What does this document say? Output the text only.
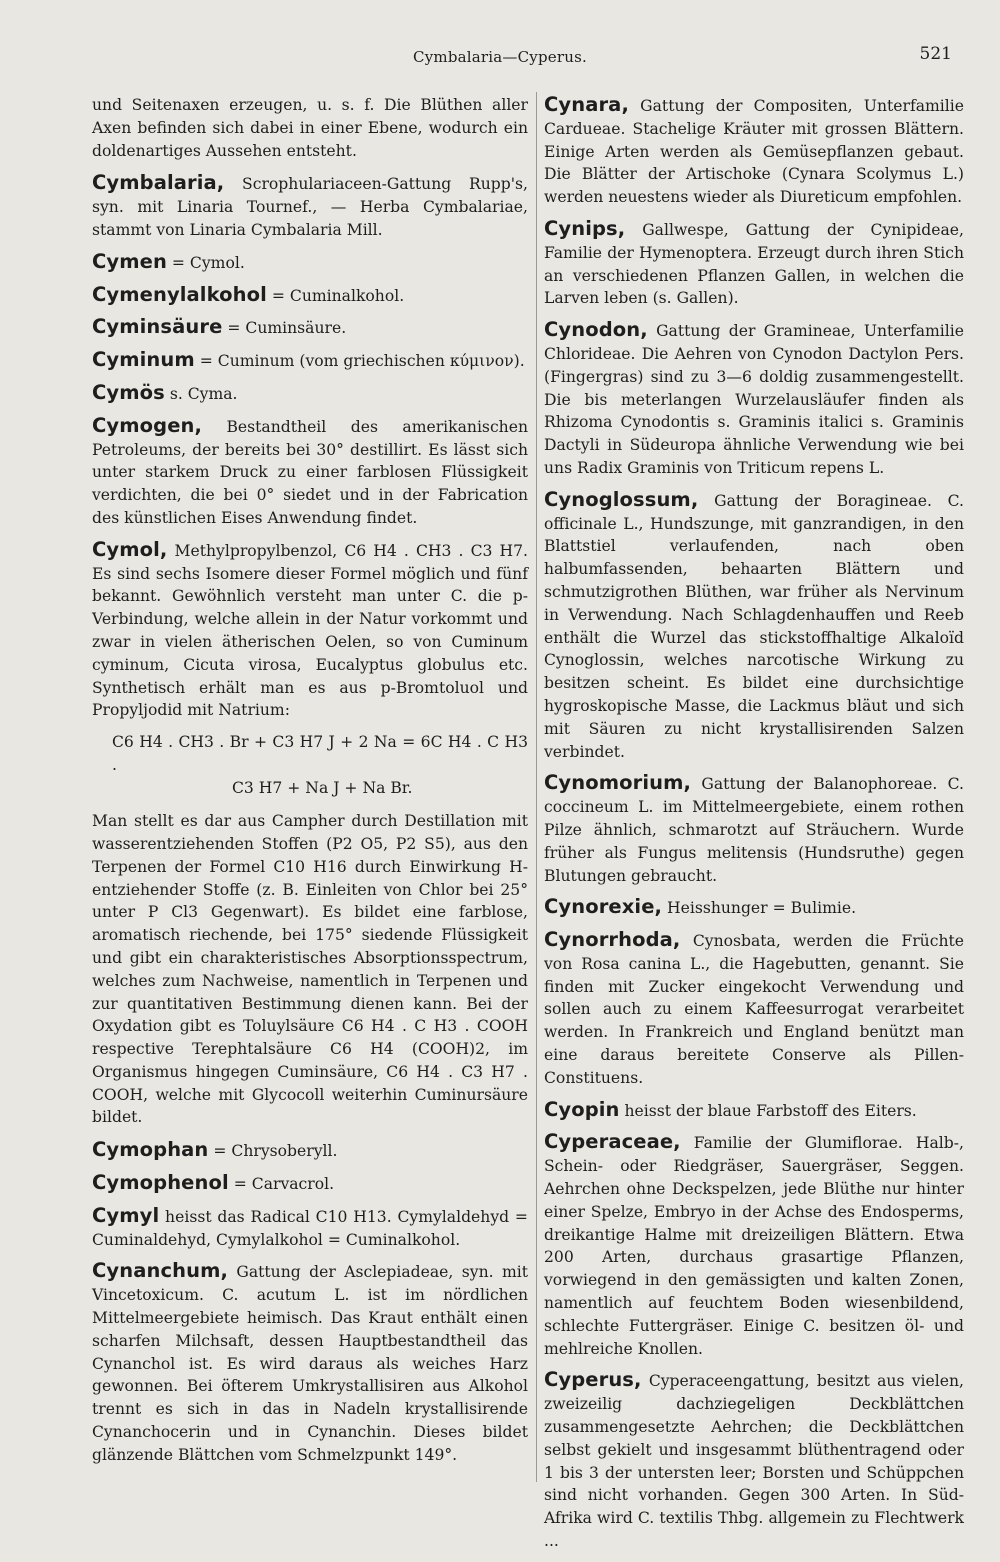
Cymbalaria—Cyperus.	521

und Seitenaxen erzeugen, u. s. f. Die Blüthen aller Axen befinden sich dabei in einer Ebene, wodurch ein doldenartiges Aussehen entsteht.

Cymbalaria, Scrophulariaceen-Gattung Rupp's, syn. mit Linaria Tournef., — Herba Cymbalariae, stammt von Linaria Cymbalaria Mill.

Cymen = Cymol.

Cymenylalkohol = Cuminalkohol.

Cyminsäure = Cuminsäure.

Cyminum = Cuminum (vom griechischen κύμινον).

Cymös s. Cyma.

Cymogen, Bestandtheil des amerikanischen Petroleums, der bereits bei 30° destillirt. Es lässt sich unter starkem Druck zu einer farblosen Flüssigkeit verdichten, die bei 0° siedet und in der Fabrication des künstlichen Eises Anwendung findet.

Cymol, Methylpropylbenzol, C6 H4 . CH3 . C3 H7. Es sind sechs Isomere dieser Formel möglich und fünf bekannt. Gewöhnlich versteht man unter C. die p-Verbindung, welche allein in der Natur vorkommt und zwar in vielen ätherischen Oelen, so von Cuminum cyminum, Cicuta virosa, Eucalyptus globulus etc. Synthetisch erhält man es aus p-Bromtoluol und Propyljodid mit Natrium:

C6 H4 . CH3 . Br + C3 H7 J + 2 Na = 6C H4 . C H3 .
C3 H7 + Na J + Na Br.

Man stellt es dar aus Campher durch Destillation mit wasserentziehenden Stoffen (P2 O5, P2 S5), aus den Terpenen der Formel C10 H16 durch Einwirkung H-entziehender Stoffe (z. B. Einleiten von Chlor bei 25° unter P Cl3 Gegenwart). Es bildet eine farblose, aromatisch riechende, bei 175° siedende Flüssigkeit und gibt ein charakteristisches Absorptionsspectrum, welches zum Nachweise, namentlich in Terpenen und zur quantitativen Bestimmung dienen kann. Bei der Oxydation gibt es Toluylsäure C6 H4 . C H3 . COOH respective Terephtalsäure C6 H4 (COOH)2, im Organismus hingegen Cuminsäure, C6 H4 . C3 H7 . COOH, welche mit Glycocoll weiterhin Cuminursäure bildet.

Cymophan = Chrysoberyll.

Cymophenol = Carvacrol.

Cymyl heisst das Radical C10 H13. Cymylaldehyd = Cuminaldehyd, Cymylalkohol = Cuminalkohol.

Cynanchum, Gattung der Asclepiadeae, syn. mit Vincetoxicum. C. acutum L. ist im nördlichen Mittelmeergebiete heimisch. Das Kraut enthält einen scharfen Milchsaft, dessen Hauptbestandtheil das Cynanchol ist. Es wird daraus als weiches Harz gewonnen. Bei öfterem Umkrystallisiren aus Alkohol trennt es sich in das in Nadeln krystallisirende Cynanchocerin und in Cynanchin. Dieses bildet glänzende Blättchen vom Schmelzpunkt 149°.

Cynara, Gattung der Compositen, Unterfamilie Cardueae. Stachelige Kräuter mit grossen Blättern. Einige Arten werden als Gemüsepflanzen gebaut. Die Blätter der Artischoke (Cynara Scolymus L.) werden neuestens wieder als Diureticum empfohlen.

Cynips, Gallwespe, Gattung der Cynipideae, Familie der Hymenoptera. Erzeugt durch ihren Stich an verschiedenen Pflanzen Gallen, in welchen die Larven leben (s. Gallen).

Cynodon, Gattung der Gramineae, Unterfamilie Chlorideae. Die Aehren von Cynodon Dactylon Pers. (Fingergras) sind zu 3—6 doldig zusammengestellt. Die bis meterlangen Wurzelausläufer finden als Rhizoma Cynodontis s. Graminis italici s. Graminis Dactyli in Südeuropa ähnliche Verwendung wie bei uns Radix Graminis von Triticum repens L.

Cynoglossum, Gattung der Boragineae. C. officinale L., Hundszunge, mit ganzrandigen, in den Blattstiel verlaufenden, nach oben halbumfassenden, behaarten Blättern und schmutzigrothen Blüthen, war früher als Nervinum in Verwendung. Nach Schlagdenhauffen und Reeb enthält die Wurzel das stickstoffhaltige Alkaloïd Cynoglossin, welches narcotische Wirkung zu besitzen scheint. Es bildet eine durchsichtige hygroskopische Masse, die Lackmus bläut und sich mit Säuren zu nicht krystallisirenden Salzen verbindet.

Cynomorium, Gattung der Balanophoreae. C. coccineum L. im Mittelmeergebiete, einem rothen Pilze ähnlich, schmarotzt auf Sträuchern. Wurde früher als Fungus melitensis (Hundsruthe) gegen Blutungen gebraucht.

Cynorexie, Heisshunger = Bulimie.

Cynorrhoda, Cynosbata, werden die Früchte von Rosa canina L., die Hagebutten, genannt. Sie finden mit Zucker eingekocht Verwendung und sollen auch zu einem Kaffeesurrogat verarbeitet werden. In Frankreich und England benützt man eine daraus bereitete Conserve als Pillen-Constituens.

Cyopin heisst der blaue Farbstoff des Eiters.

Cyperaceae, Familie der Glumiflorae. Halb-, Schein- oder Riedgräser, Sauergräser, Seggen. Aehrchen ohne Deckspelzen, jede Blüthe nur hinter einer Spelze, Embryo in der Achse des Endosperms, dreikantige Halme mit dreizeiligen Blättern. Etwa 200 Arten, durchaus grasartige Pflanzen, vorwiegend in den gemässigten und kalten Zonen, namentlich auf feuchtem Boden wiesenbildend, schlechte Futtergräser. Einige C. besitzen öl- und mehlreiche Knollen.

Cyperus, Cyperaceengattung, besitzt aus vielen, zweizeilig dachziegeligen Deckblättchen zusammengesetzte Aehrchen; die Deckblättchen selbst gekielt und insgesammt blüthentragend oder 1 bis 3 der untersten leer; Borsten und Schüppchen sind nicht vorhanden. Gegen 300 Arten. In Süd-Afrika wird C. textilis Thbg. allgemein zu Flechtwerk ...
